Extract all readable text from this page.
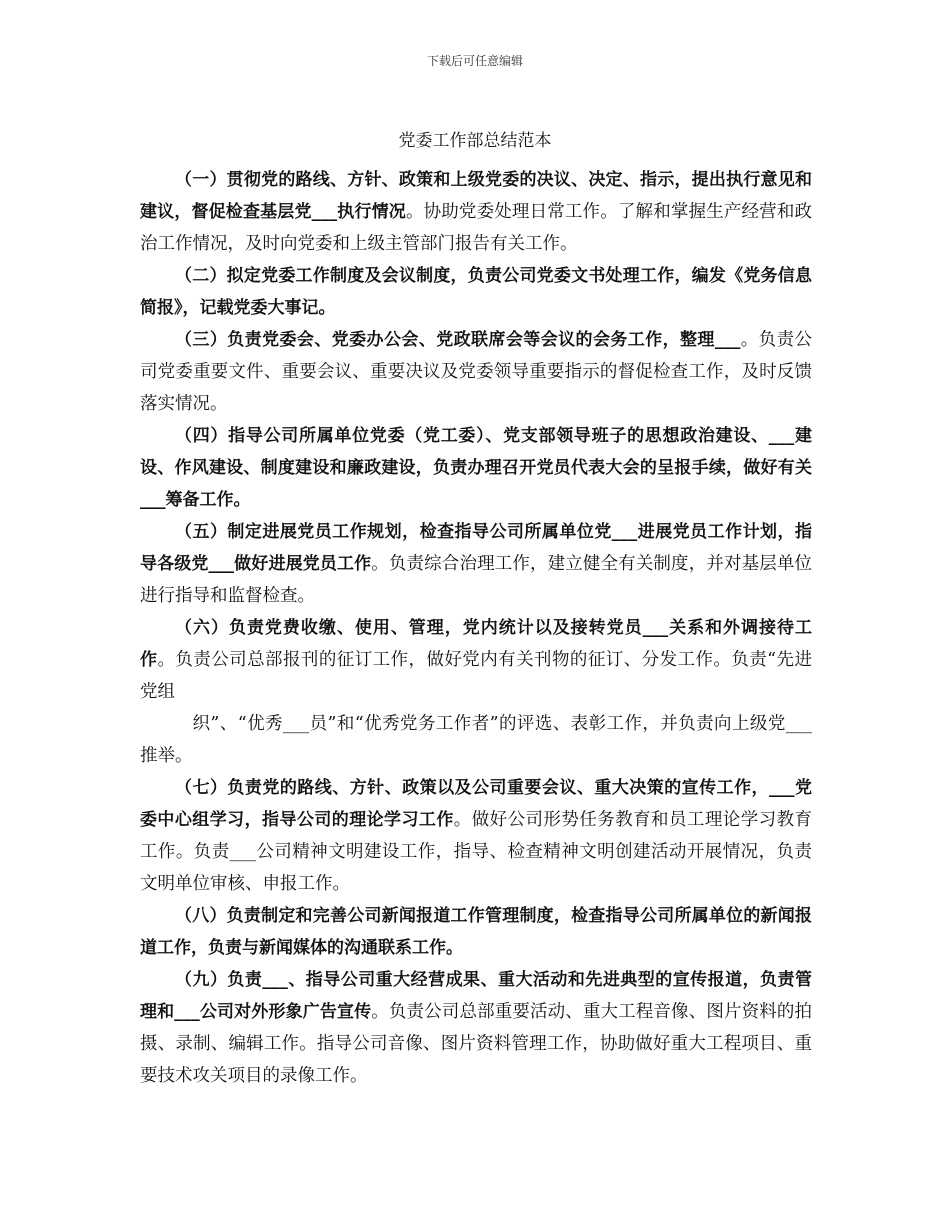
下载后可任意编辑
党委工作部总结范本

（一）贯彻党的路线、方针、政策和上级党委的决议、决定、指示，提出执行意见和建议，督促检查基层党___执行情况。协助党委处理日常工作。了解和掌握生产经营和政治工作情况，及时向党委和上级主管部门报告有关工作。

（二）拟定党委工作制度及会议制度，负责公司党委文书处理工作，编发《党务信息简报》，记载党委大事记。

（三）负责党委会、党委办公会、党政联席会等会议的会务工作，整理___。负责公司党委重要文件、重要会议、重要决议及党委领导重要指示的督促检查工作，及时反馈落实情况。

（四）指导公司所属单位党委（党工委）、党支部领导班子的思想政治建设、___建设、作风建设、制度建设和廉政建设，负责办理召开党员代表大会的呈报手续，做好有关___筹备工作。

（五）制定进展党员工作规划，检查指导公司所属单位党___进展党员工作计划，指导各级党___做好进展党员工作。负责综合治理工作，建立健全有关制度，并对基层单位进行指导和监督检查。

（六）负责党费收缴、使用、管理，党内统计以及接转党员___关系和外调接待工作。负责公司总部报刊的征订工作，做好党内有关刊物的征订、分发工作。负责“先进党组

织”、“优秀___员”和“优秀党务工作者”的评选、表彰工作，并负责向上级党___推举。

（七）负责党的路线、方针、政策以及公司重要会议、重大决策的宣传工作，___党委中心组学习，指导公司的理论学习工作。做好公司形势任务教育和员工理论学习教育工作。负责___公司精神文明建设工作，指导、检查精神文明创建活动开展情况，负责文明单位审核、申报工作。

（八）负责制定和完善公司新闻报道工作管理制度，检查指导公司所属单位的新闻报道工作，负责与新闻媒体的沟通联系工作。

（九）负责___、指导公司重大经营成果、重大活动和先进典型的宣传报道，负责管理和___公司对外形象广告宣传。负责公司总部重要活动、重大工程音像、图片资料的拍摄、录制、编辑工作。指导公司音像、图片资料管理工作，协助做好重大工程项目、重要技术攻关项目的录像工作。
